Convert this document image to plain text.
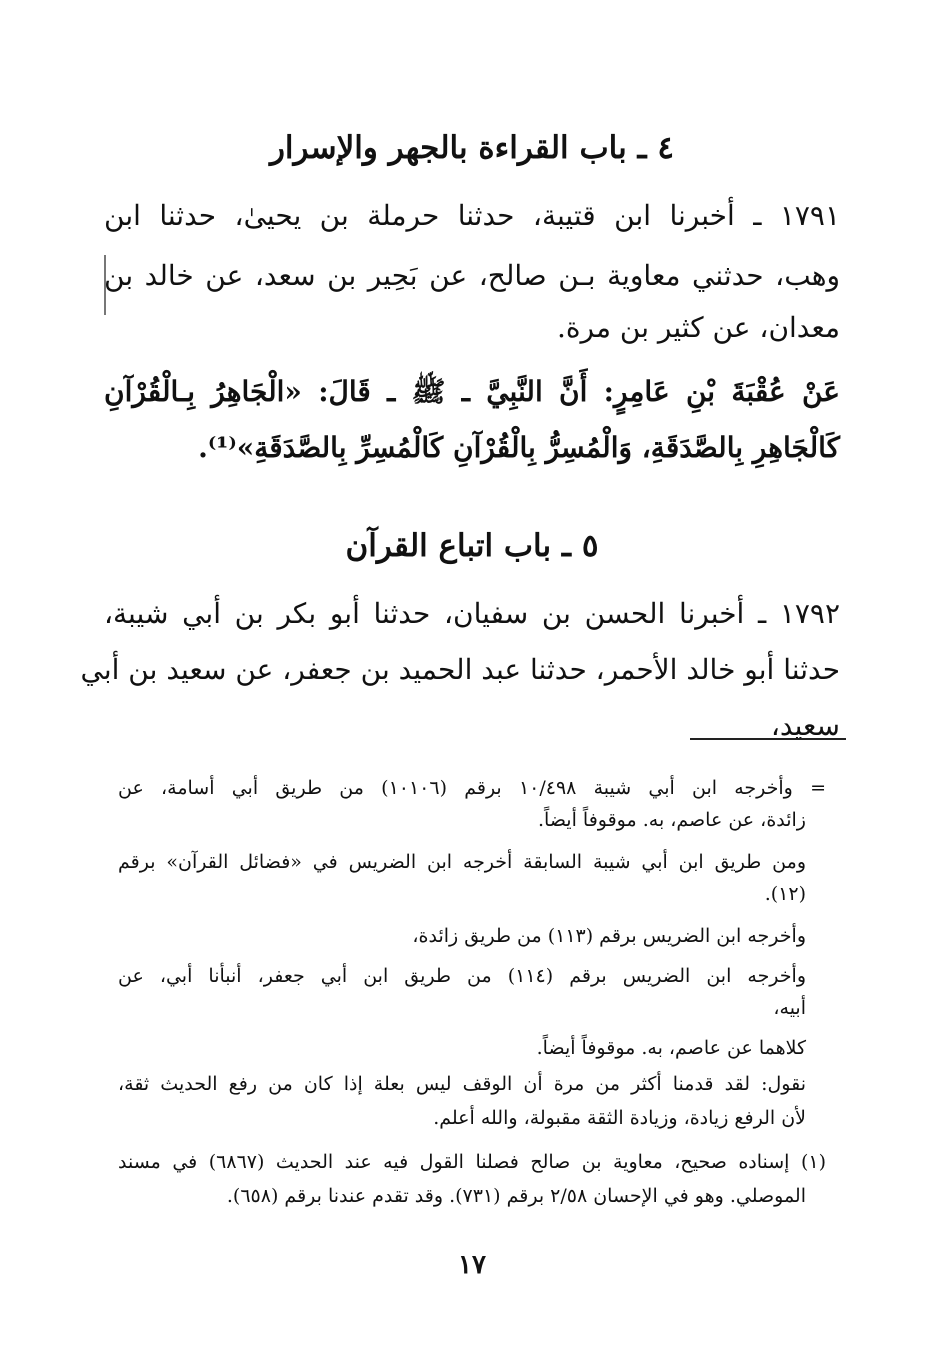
٤ ـ باب القراءة بالجهر والإسرار
١٧٩١ ـ أخبرنا ابن قتيبة، حدثنا حرملة بن يحيىٰ، حدثنا ابن
وهب، حدثني معاوية بـن صالح، عن بَحِير بن سعد، عن خالد بن
معدان، عن كثير بن مرة.
عَنْ عُقْبَةَ بْنِ عَامِرٍ: أَنَّ النَّبِيَّ ـ ﷺ ـ قَالَ: «الْجَاهِرُ بِـالْقُرْآنِ
كَالْجَاهِرِ بِالصَّدَقَةِ، وَالْمُسِرُّ بِالْقُرْآنِ كَالْمُسِرِّ بِالصَّدَقَةِ»⁽¹⁾.
٥ ـ باب اتباع القرآن
١٧٩٢ ـ أخبرنا الحسن بن سفيان، حدثنا أبو بكر بن أبي شيبة،
حدثنا أبو خالد الأحمر، حدثنا عبد الحميد بن جعفر، عن سعيد بن أبي
سعيد،
= وأخرجه ابن أبي شيبة ١٠/٤٩٨ برقم (١٠١٠٦) من طريق أبي أسامة، عن
زائدة، عن عاصم، به. موقوفاً أيضاً.
ومن طريق ابن أبي شيبة السابقة أخرجه ابن الضريس في «فضائل القرآن» برقم
(١٢).
وأخرجه ابن الضريس برقم (١١٣) من طريق زائدة،
وأخرجه ابن الضريس برقم (١١٤) من طريق ابن أبي جعفر، أنبأنا أبي، عن
أبيه،
كلاهما عن عاصم، به. موقوفاً أيضاً.
نقول: لقد قدمنا أكثر من مرة أن الوقف ليس بعلة إذا كان من رفع الحديث ثقة،
لأن الرفع زيادة، وزيادة الثقة مقبولة، والله أعلم.
(١) إسناده صحيح، معاوية بن صالح فصلنا القول فيه عند الحديث (٦٨٦٧) في مسند
الموصلي. وهو في الإحسان ٢/٥٨ برقم (٧٣١). وقد تقدم عندنا برقم (٦٥٨).
١٧
